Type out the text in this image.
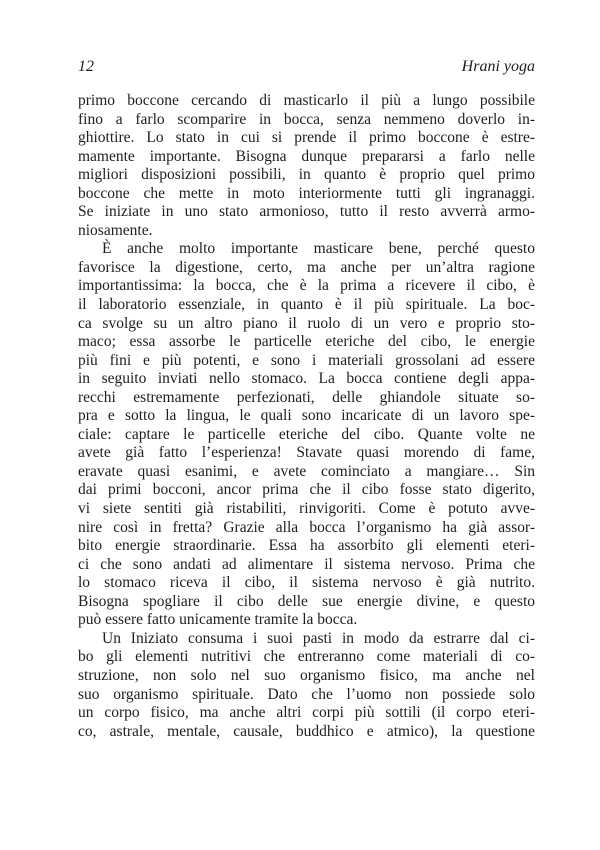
12	Hrani yoga
primo boccone cercando di masticarlo il più a lungo possibile
fino a farlo scomparire in bocca, senza nemmeno doverlo in-
ghiottire. Lo stato in cui si prende il primo boccone è estre-
mamente importante. Bisogna dunque prepararsi a farlo nelle
migliori disposizioni possibili, in quanto è proprio quel primo
boccone che mette in moto interiormente tutti gli ingranaggi.
Se iniziate in uno stato armonioso, tutto il resto avverrà armo-
niosamente.
È anche molto importante masticare bene, perché questo
favorisce la digestione, certo, ma anche per un’altra ragione
importantissima: la bocca, che è la prima a ricevere il cibo, è
il laboratorio essenziale, in quanto è il più spirituale. La boc-
ca svolge su un altro piano il ruolo di un vero e proprio sto-
maco; essa assorbe le particelle eteriche del cibo, le energie
più fini e più potenti, e sono i materiali grossolani ad essere
in seguito inviati nello stomaco. La bocca contiene degli appa-
recchi estremamente perfezionati, delle ghiandole situate so-
pra e sotto la lingua, le quali sono incaricate di un lavoro spe-
ciale: captare le particelle eteriche del cibo. Quante volte ne
avete già fatto l’esperienza! Stavate quasi morendo di fame,
eravate quasi esanimi, e avete cominciato a mangiare… Sin
dai primi bocconi, ancor prima che il cibo fosse stato digerito,
vi siete sentiti già ristabiliti, rinvigoriti. Come è potuto avve-
nire così in fretta? Grazie alla bocca l’organismo ha già assor-
bito energie straordinarie. Essa ha assorbito gli elementi eteri-
ci che sono andati ad alimentare il sistema nervoso. Prima che
lo stomaco riceva il cibo, il sistema nervoso è già nutrito.
Bisogna spogliare il cibo delle sue energie divine, e questo
può essere fatto unicamente tramite la bocca.
Un Iniziato consuma i suoi pasti in modo da estrarre dal ci-
bo gli elementi nutritivi che entreranno come materiali di co-
struzione, non solo nel suo organismo fisico, ma anche nel
suo organismo spirituale. Dato che l’uomo non possiede solo
un corpo fisico, ma anche altri corpi più sottili (il corpo eteri-
co, astrale, mentale, causale, buddhico e atmico), la questione
